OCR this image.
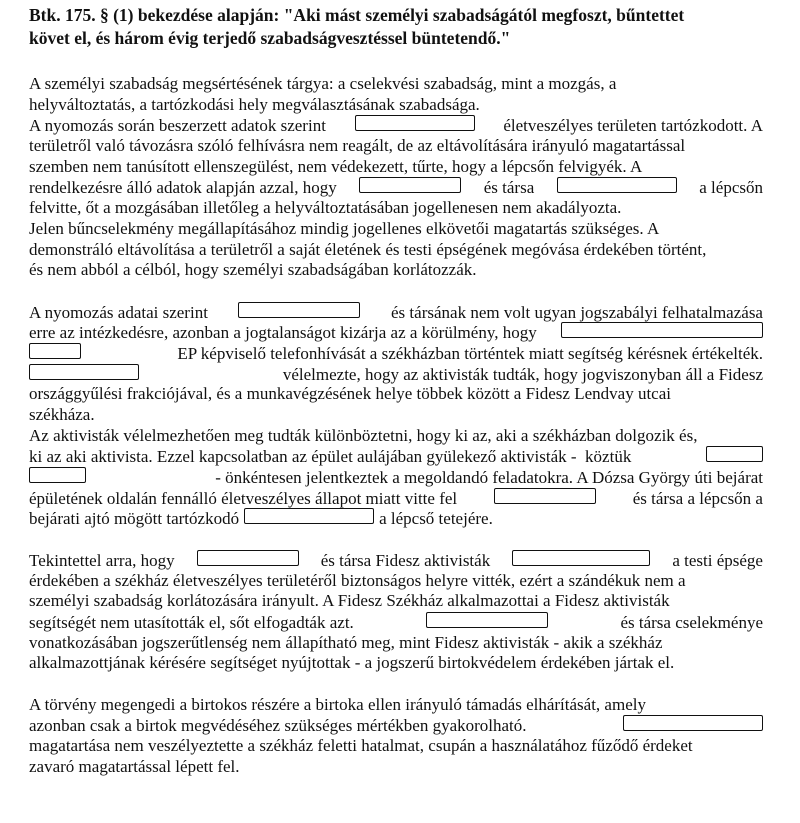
Btk. 175. § (1) bekezdése alapján: "Aki mást személyi szabadságától megfoszt, bűntettet
követ el, és három évig terjedő szabadságvesztéssel büntetendő."
A személyi szabadság megsértésének tárgya: a cselekvési szabadság, mint a mozgás, a
helyváltoztatás, a tartózkodási hely megválasztásának szabadsága.
A nyomozás során beszerzett adatok szerint	életveszélyes területen tartózkodott. A
területről való távozásra szóló felhívásra nem reagált, de az eltávolítására irányuló magatartással
szemben nem tanúsított ellenszegülést, nem védekezett, tűrte, hogy a lépcsőn felvigyék. A
rendelkezésre álló adatok alapján azzal, hogy	és társa	a lépcsőn
felvitte, őt a mozgásában illetőleg a helyváltoztatásában jogellenesen nem akadályozta.
Jelen bűncselekmény megállapításához mindig jogellenes elkövetői magatartás szükséges. A
demonstráló eltávolítása a területről a saját életének és testi épségének megóvása érdekében történt,
és nem abból a célból, hogy személyi szabadságában korlátozzák.
A nyomozás adatai szerint	és társának nem volt ugyan jogszabályi felhatalmazása
erre az intézkedésre, azonban a jogtalanságot kizárja az a körülmény, hogy
EP képviselő telefonhívását a székházban történtek miatt segítség kérésnek értékelték.
vélelmezte, hogy az aktivisták tudták, hogy jogviszonyban áll a Fidesz
országgyűlési frakciójával, és a munkavégzésének helye többek között a Fidesz Lendvay utcai
székháza.
Az aktivisták vélelmezhetően meg tudták különböztetni, hogy ki az, aki a székházban dolgozik és,
ki az aki aktivista. Ezzel kapcsolatban az épület aulájában gyülekező aktivisták -  köztük
- önkéntesen jelentkeztek a megoldandó feladatokra. A Dózsa György úti bejárat
épületének oldalán fennálló életveszélyes állapot miatt vitte fel	és társa a lépcsőn a
bejárati ajtó mögött tartózkodó	a lépcső tetejére.
Tekintettel arra, hogy	és társa Fidesz aktivisták	a testi épsége
érdekében a székház életveszélyes területéről biztonságos helyre vitték, ezért a szándékuk nem a
személyi szabadság korlátozására irányult. A Fidesz Székház alkalmazottai a Fidesz aktivisták
segítségét nem utasították el, sőt elfogadták azt.	és társa cselekménye
vonatkozásában jogszerűtlenség nem állapítható meg, mint Fidesz aktivisták - akik a székház
alkalmazottjának kérésére segítséget nyújtottak - a jogszerű birtokvédelem érdekében jártak el.
A törvény megengedi a birtokos részére a birtoka ellen irányuló támadás elhárítását, amely
azonban csak a birtok megvédéséhez szükséges mértékben gyakorolható.
magatartása nem veszélyeztette a székház feletti hatalmat, csupán a használatához fűződő érdeket
zavaró magatartással lépett fel.
